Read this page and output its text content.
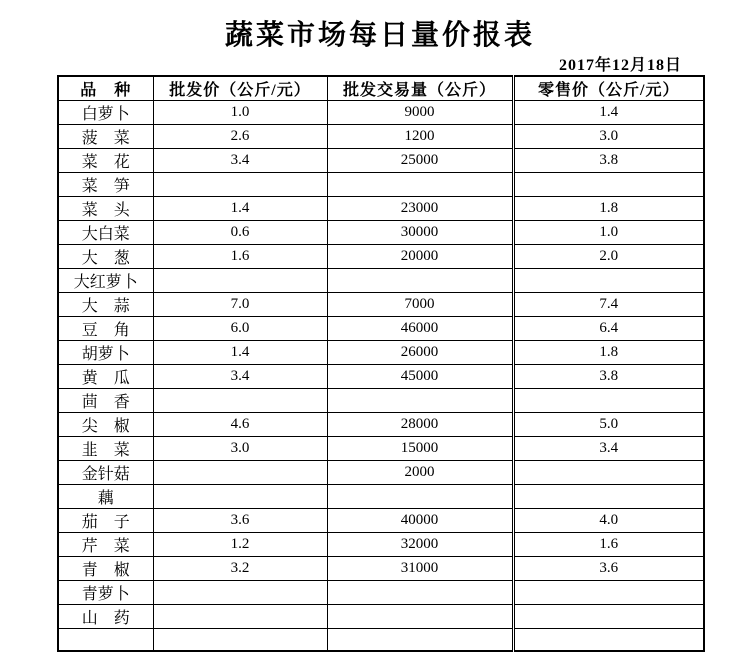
蔬菜市场每日量价报表
2017年12月18日
品　种	批发价（公斤/元）	批发交易量（公斤）	零售价（公斤/元）
白萝卜	1.0	9000	1.4
菠　菜	2.6	1200	3.0
菜　花	3.4	25000	3.8
菜　笋			
菜　头	1.4	23000	1.8
大白菜	0.6	30000	1.0
大　葱	1.6	20000	2.0
大红萝卜			
大　蒜	7.0	7000	7.4
豆　角	6.0	46000	6.4
胡萝卜	1.4	26000	1.8
黄　瓜	3.4	45000	3.8
茴　香			
尖　椒	4.6	28000	5.0
韭　菜	3.0	15000	3.4
金针菇		2000	
藕			
茄　子	3.6	40000	4.0
芹　菜	1.2	32000	1.6
青　椒	3.2	31000	3.6
青萝卜			
山　药			
